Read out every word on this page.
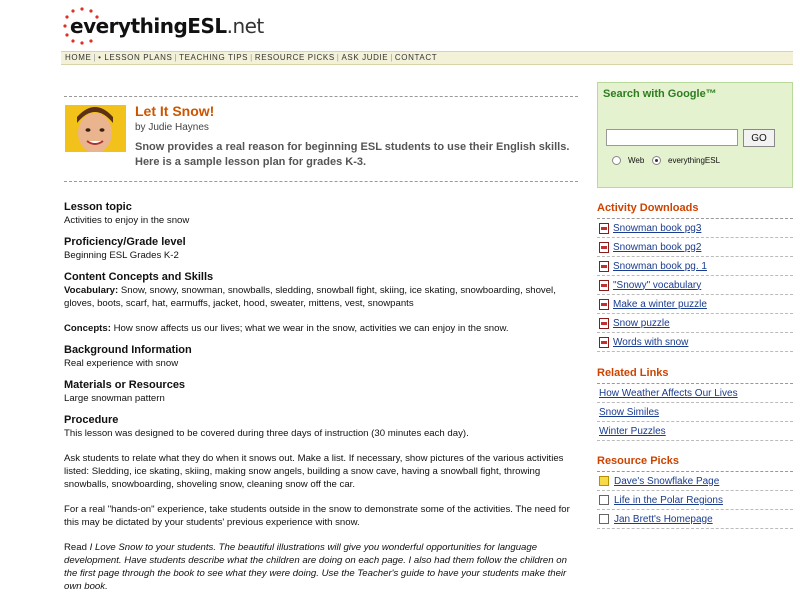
everythingESL.net
HOME | • LESSON PLANS | TEACHING TIPS | RESOURCE PICKS | ASK JUDIE | CONTACT
Let It Snow!
by Judie Haynes
Snow provides a real reason for beginning ESL students to use their English skills. Here is a sample lesson plan for grades K-3.
Lesson topic
Activities to enjoy in the snow
Proficiency/Grade level
Beginning ESL Grades K-2
Content Concepts and Skills
Vocabulary: Snow, snowy, snowman, snowballs, sledding, snowball fight, skiing, ice skating, snowboarding, shovel, gloves, boots, scarf, hat, earmuffs, jacket, hood, sweater, mittens, vest, snowpants
Concepts: How snow affects us our lives; what we wear in the snow, activities we can enjoy in the snow.
Background Information
Real experience with snow
Materials or Resources
Large snowman pattern
Procedure
This lesson was designed to be covered during three days of instruction (30 minutes each day).
Ask students to relate what they do when it snows out. Make a list. If necessary, show pictures of the various activities listed: Sledding, ice skating, skiing, making snow angels, building a snow cave, having a snowball fight, throwing snowballs, snowboarding, shoveling snow, cleaning snow off the car.
For a real "hands-on" experience, take students outside in the snow to demonstrate some of the activities. The need for this may be dictated by your students' previous experience with snow.
Read I Love Snow to your students. The beautiful illustrations will give you wonderful opportunities for language development. Have students describe what the children are doing on each page. I also had them follow the children on the first page through the book to see what they were doing. Use the Teacher's guide to have your students make their own book.
Search with Google™
GO
Web	everythingESL
Activity Downloads
Snowman book pg3
Snowman book pg2
Snowman book pg. 1
"Snowy" vocabulary
Make a winter puzzle
Snow puzzle
Words with snow
Related Links
How Weather Affects Our Lives
Snow Similes
Winter Puzzles
Resource Picks
Dave's Snowflake Page
Life in the Polar Regions
Jan Brett's Homepage
